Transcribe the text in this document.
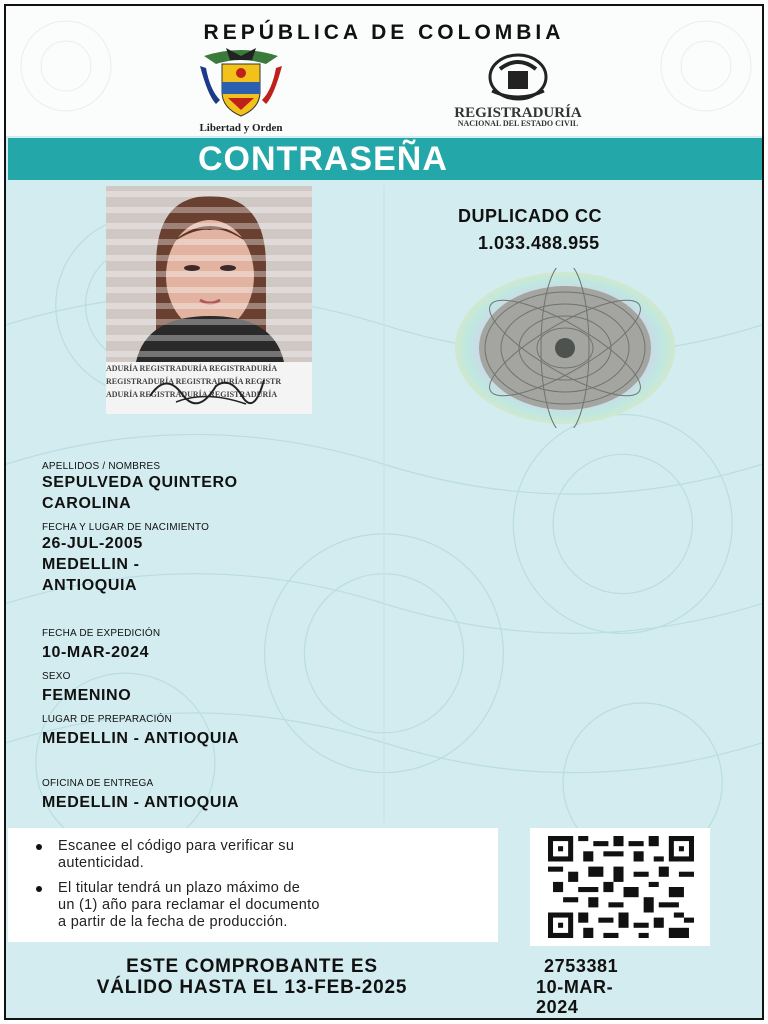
REPÚBLICA DE COLOMBIA
Libertad y Orden
REGISTRADURÍA
NACIONAL DEL ESTADO CIVIL
CONTRASEÑA
ADURÍA REGISTRADURÍA REGISTRADURÍA
REGISTRADURÍA REGISTRADURÍA REGISTR
ADURÍA REGISTRADURÍA REGISTRADURÍA
DUPLICADO CC
1.033.488.955
APELLIDOS / NOMBRES
SEPULVEDA QUINTERO
CAROLINA
FECHA Y LUGAR DE NACIMIENTO
26-JUL-2005
MEDELLIN -
ANTIOQUIA
FECHA DE EXPEDICIÓN
10-MAR-2024
SEXO
FEMENINO
LUGAR DE PREPARACIÓN
MEDELLIN - ANTIOQUIA
OFICINA DE ENTREGA
MEDELLIN - ANTIOQUIA
Escanee el código para verificar su
autenticidad.
El titular tendrá un plazo máximo de
un (1) año para reclamar el documento
a partir de la fecha de producción.
ESTE COMPROBANTE ES
VÁLIDO HASTA EL 13-FEB-2025
2753381
10-MAR-
2024
